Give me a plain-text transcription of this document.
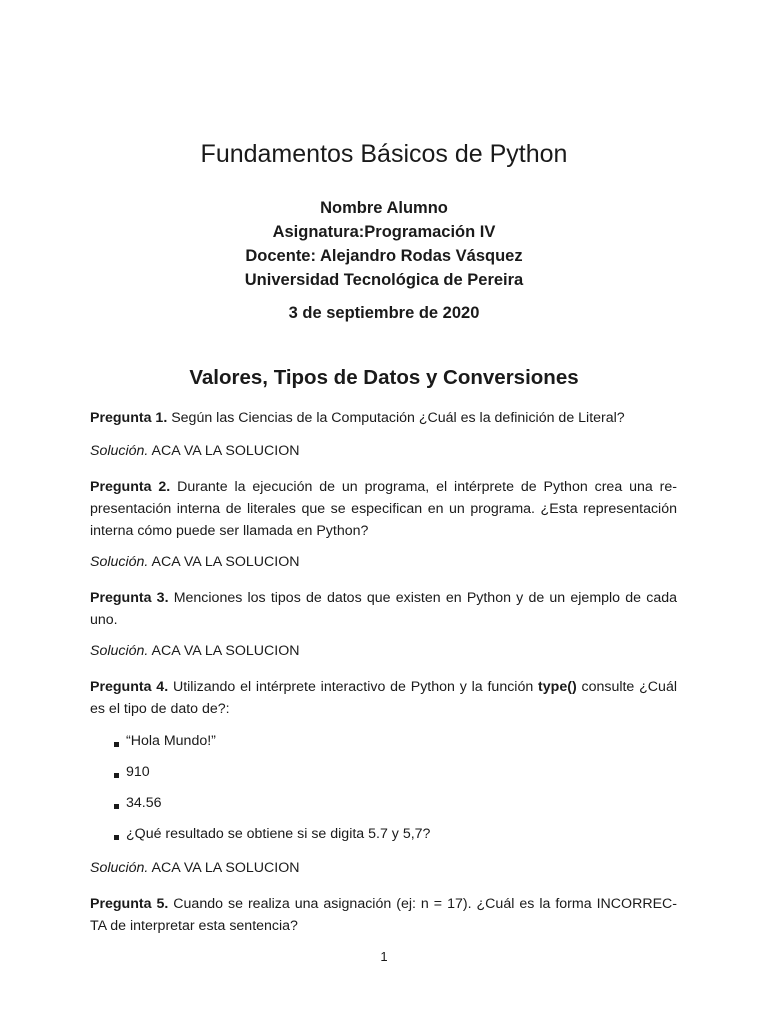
Fundamentos Básicos de Python
Nombre Alumno
Asignatura:Programación IV
Docente: Alejandro Rodas Vásquez
Universidad Tecnológica de Pereira
3 de septiembre de 2020
Valores, Tipos de Datos y Conversiones

Pregunta 1. Según las Ciencias de la Computación ¿Cuál es la definición de Literal?

Solución. ACA VA LA SOLUCION

Pregunta 2. Durante la ejecución de un programa, el intérprete de Python crea una re-presentación interna de literales que se especifican en un programa. ¿Esta representación interna cómo puede ser llamada en Python?

Solución. ACA VA LA SOLUCION

Pregunta 3. Menciones los tipos de datos que existen en Python y de un ejemplo de cada uno.

Solución. ACA VA LA SOLUCION

Pregunta 4. Utilizando el intérprete interactivo de Python y la función type() consulte ¿Cuál es el tipo de dato de?:

“Hola Mundo!”
910
34.56
¿Qué resultado se obtiene si se digita 5.7 y 5,7?

Solución. ACA VA LA SOLUCION

Pregunta 5. Cuando se realiza una asignación (ej: n = 17). ¿Cuál es la forma INCORREC-TA de interpretar esta sentencia?

1
